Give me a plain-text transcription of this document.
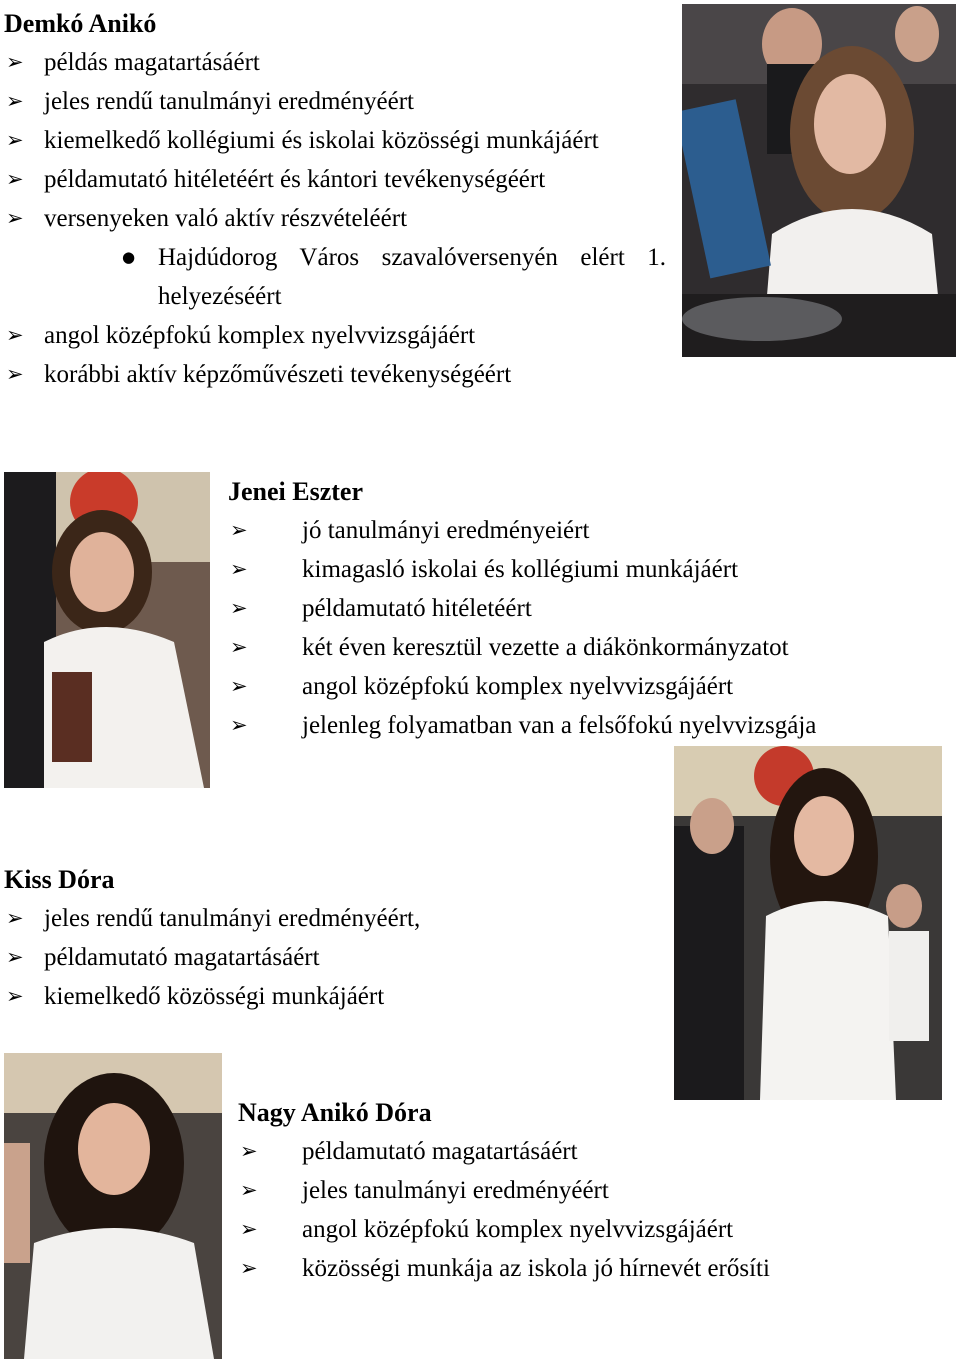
Demkó Anikó
➢ példás magatartásáért
➢ jeles rendű tanulmányi eredményéért
➢ kiemelkedő kollégiumi és iskolai közösségi munkájáért
➢ példamutató hitéletéért és kántori tevékenységéért
➢ versenyeken való aktív részvételéért
● Hajdúdorog Város szavalóversenyén elért 1. helyezéséért
➢ angol középfokú komplex nyelvvizsgájáért
➢ korábbi aktív képzőművészeti tevékenységéért
Jenei Eszter
➢ jó tanulmányi eredményeiért
➢ kimagasló iskolai és kollégiumi munkájáért
➢ példamutató hitéletéért
➢ két éven keresztül vezette a diákönkormányzatot
➢ angol középfokú komplex nyelvvizsgájáért
➢ jelenleg folyamatban van a felsőfokú nyelvvizsgája
Kiss Dóra
➢ jeles rendű tanulmányi eredményéért,
➢ példamutató magatartásáért
➢ kiemelkedő közösségi munkájáért
Nagy Anikó Dóra
➢ példamutató magatartásáért
➢ jeles tanulmányi eredményéért
➢ angol középfokú komplex nyelvvizsgájáért
➢ közösségi munkája az iskola jó hírnevét erősíti
